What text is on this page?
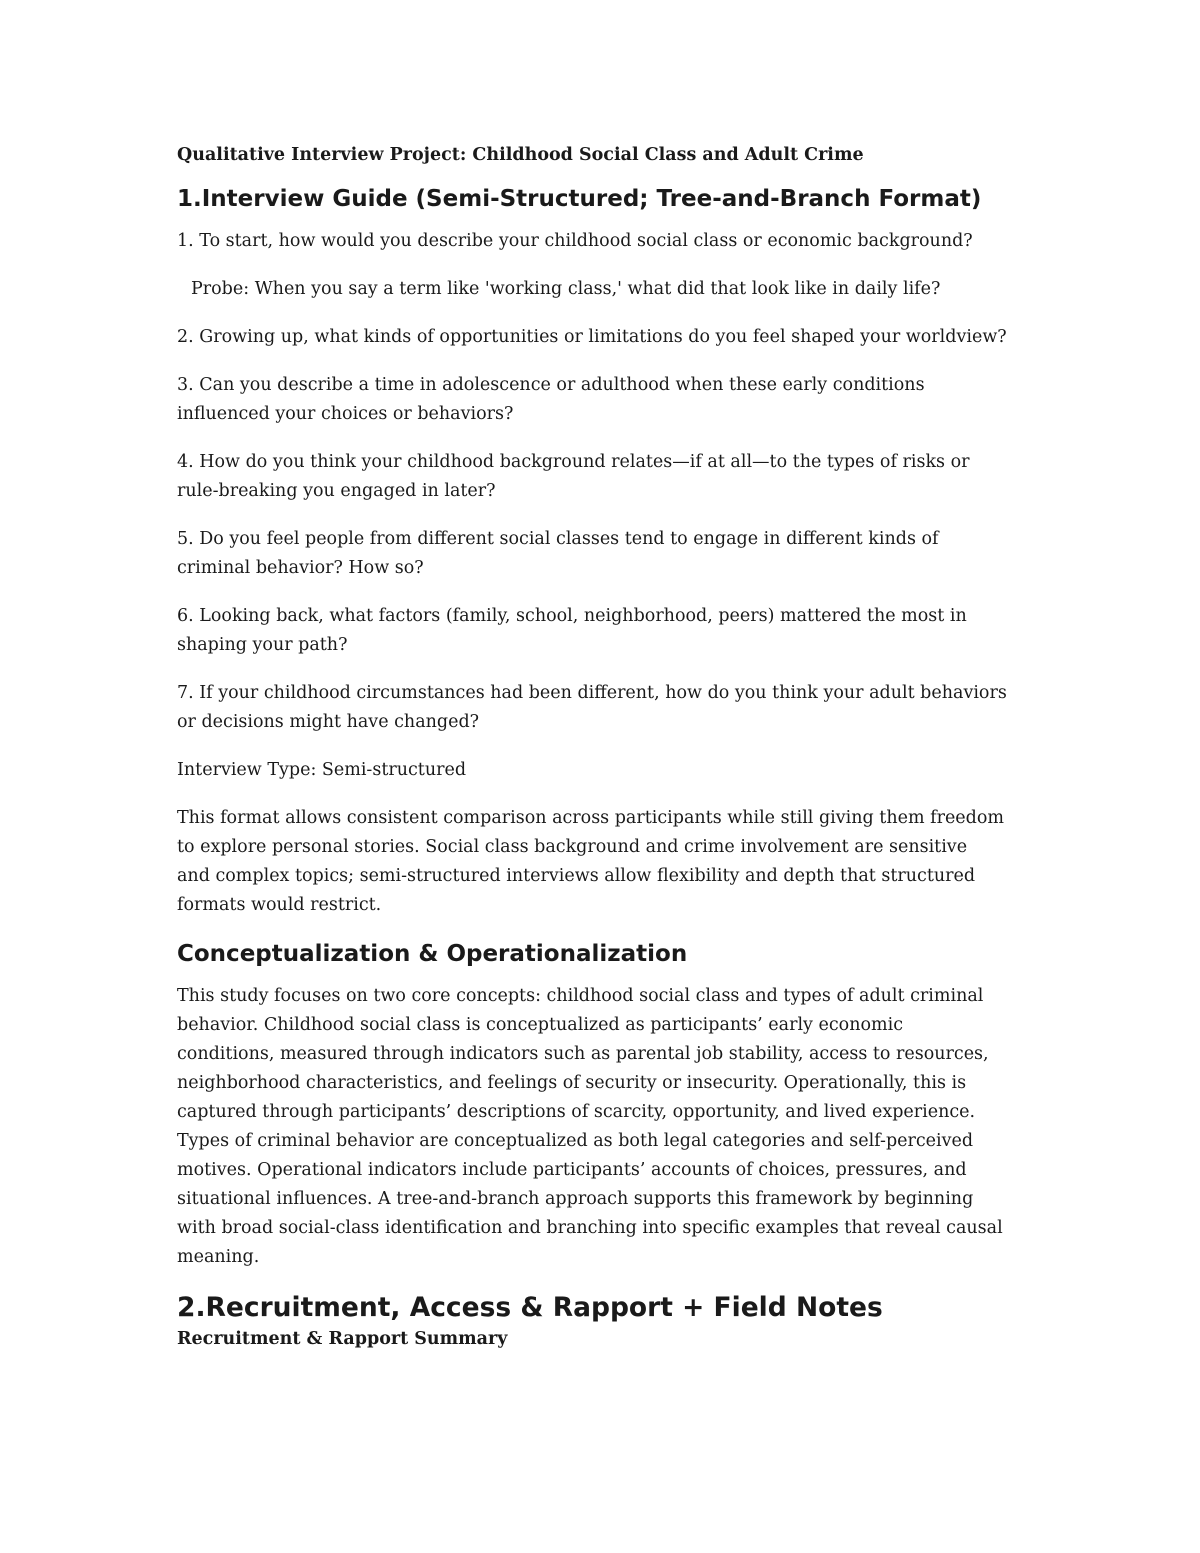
Qualitative Interview Project: Childhood Social Class and Adult Crime
1.Interview Guide (Semi-Structured; Tree-and-Branch Format)

1. To start, how would you describe your childhood social class or economic background?

Probe: When you say a term like 'working class,' what did that look like in daily life?

2. Growing up, what kinds of opportunities or limitations do you feel shaped your worldview?

3. Can you describe a time in adolescence or adulthood when these early conditions influenced your choices or behaviors?

4. How do you think your childhood background relates—if at all—to the types of risks or rule-breaking you engaged in later?

5. Do you feel people from different social classes tend to engage in different kinds of criminal behavior? How so?

6. Looking back, what factors (family, school, neighborhood, peers) mattered the most in shaping your path?

7. If your childhood circumstances had been different, how do you think your adult behaviors or decisions might have changed?

Interview Type: Semi-structured

This format allows consistent comparison across participants while still giving them freedom to explore personal stories. Social class background and crime involvement are sensitive and complex topics; semi-structured interviews allow flexibility and depth that structured formats would restrict.

Conceptualization & Operationalization

This study focuses on two core concepts: childhood social class and types of adult criminal behavior. Childhood social class is conceptualized as participants’ early economic conditions, measured through indicators such as parental job stability, access to resources, neighborhood characteristics, and feelings of security or insecurity. Operationally, this is captured through participants’ descriptions of scarcity, opportunity, and lived experience. Types of criminal behavior are conceptualized as both legal categories and self-perceived motives. Operational indicators include participants’ accounts of choices, pressures, and situational influences. A tree-and-branch approach supports this framework by beginning with broad social-class identification and branching into specific examples that reveal causal meaning.

2.Recruitment, Access & Rapport + Field Notes
Recruitment & Rapport Summary
